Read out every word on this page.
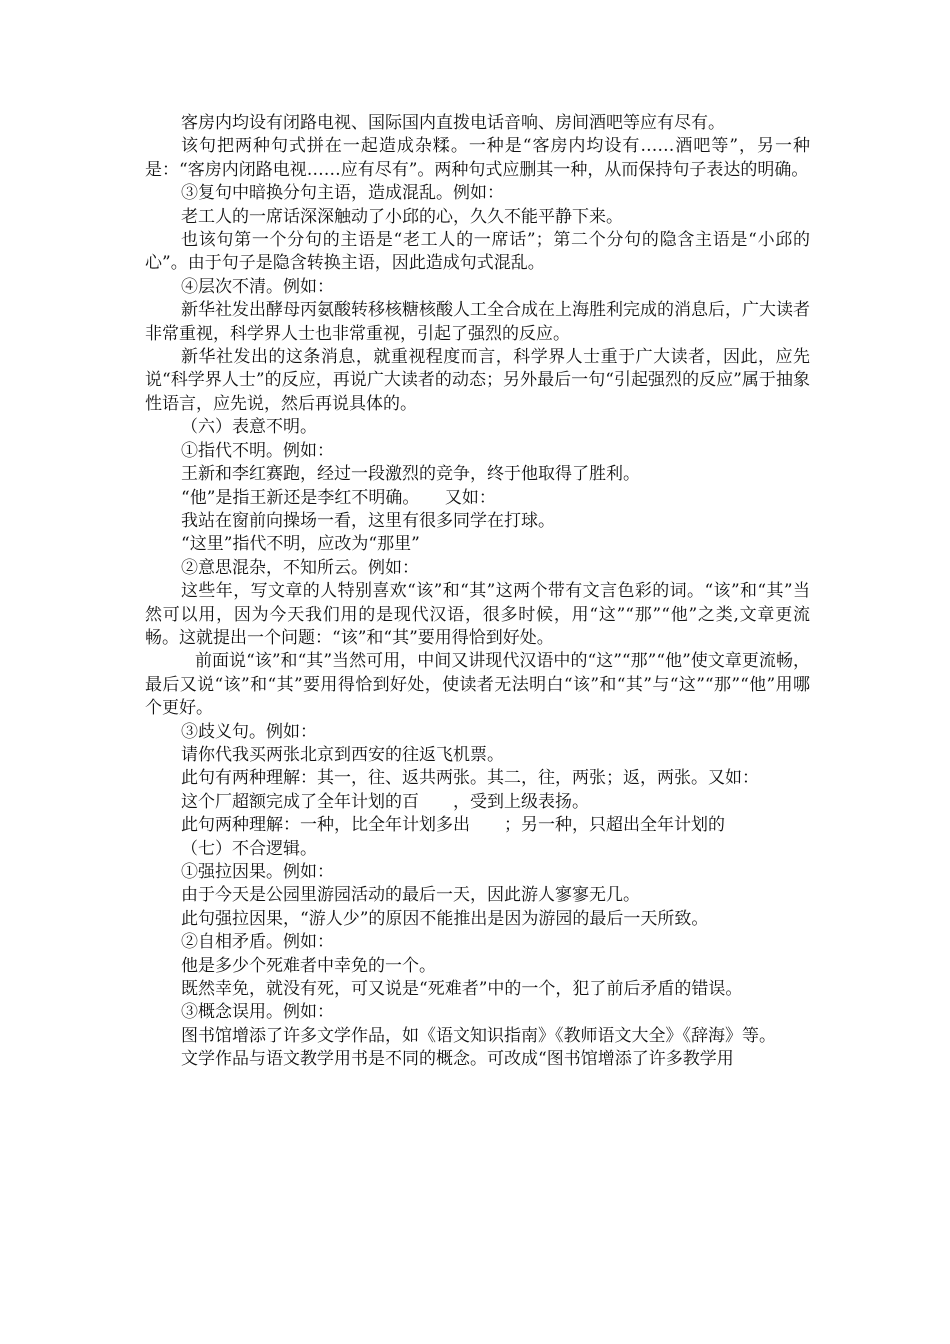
客房内均设有闭路电视、国际国内直拨电话音响、房间酒吧等应有尽有。

该句把两种句式拼在一起造成杂糅。一种是“客房内均设有……酒吧等”，另一种是：“客房内闭路电视……应有尽有”。两种句式应删其一种，从而保持句子表达的明确。

③复句中暗换分句主语，造成混乱。例如：

老工人的一席话深深触动了小邱的心，久久不能平静下来。

也该句第一个分句的主语是“老工人的一席话”；第二个分句的隐含主语是“小邱的心”。由于句子是隐含转换主语，因此造成句式混乱。

④层次不清。例如：

新华社发出酵母丙氨酸转移核糖核酸人工全合成在上海胜利完成的消息后，广大读者非常重视，科学界人士也非常重视，引起了强烈的反应。

新华社发出的这条消息，就重视程度而言，科学界人士重于广大读者，因此，应先说“科学界人士”的反应，再说广大读者的动态；另外最后一句“引起强烈的反应”属于抽象性语言，应先说，然后再说具体的。

（六）表意不明。

①指代不明。例如：

王新和李红赛跑，经过一段激烈的竞争，终于他取得了胜利。

“他”是指王新还是李红不明确。　　又如：

我站在窗前向操场一看，这里有很多同学在打球。

“这里”指代不明，应改为“那里”

②意思混杂，不知所云。例如：

这些年，写文章的人特别喜欢“该”和“其”这两个带有文言色彩的词。“该”和“其”当然可以用，因为今天我们用的是现代汉语，很多时候，用“这”“那”“他”之类,文章更流畅。这就提出一个问题：“该”和“其”要用得恰到好处。

前面说“该”和“其”当然可用，中间又讲现代汉语中的“这”“那”“他”使文章更流畅，最后又说“该”和“其”要用得恰到好处，使读者无法明白“该”和“其”与“这”“那”“他”用哪个更好。

③歧义句。例如：

请你代我买两张北京到西安的往返飞机票。

此句有两种理解：其一，往、返共两张。其二，往，两张；返，两张。又如：

这个厂超额完成了全年计划的百　　，受到上级表扬。

此句两种理解：一种，比全年计划多出　　；另一种，只超出全年计划的

（七）不合逻辑。

①强拉因果。例如：

由于今天是公园里游园活动的最后一天，因此游人寥寥无几。

此句强拉因果，“游人少”的原因不能推出是因为游园的最后一天所致。

②自相矛盾。例如：

他是多少个死难者中幸免的一个。

既然幸免，就没有死，可又说是“死难者”中的一个，犯了前后矛盾的错误。

③概念误用。例如：

图书馆增添了许多文学作品，如《语文知识指南》《教师语文大全》《辞海》等。

文学作品与语文教学用书是不同的概念。可改成“图书馆增添了许多教学用
